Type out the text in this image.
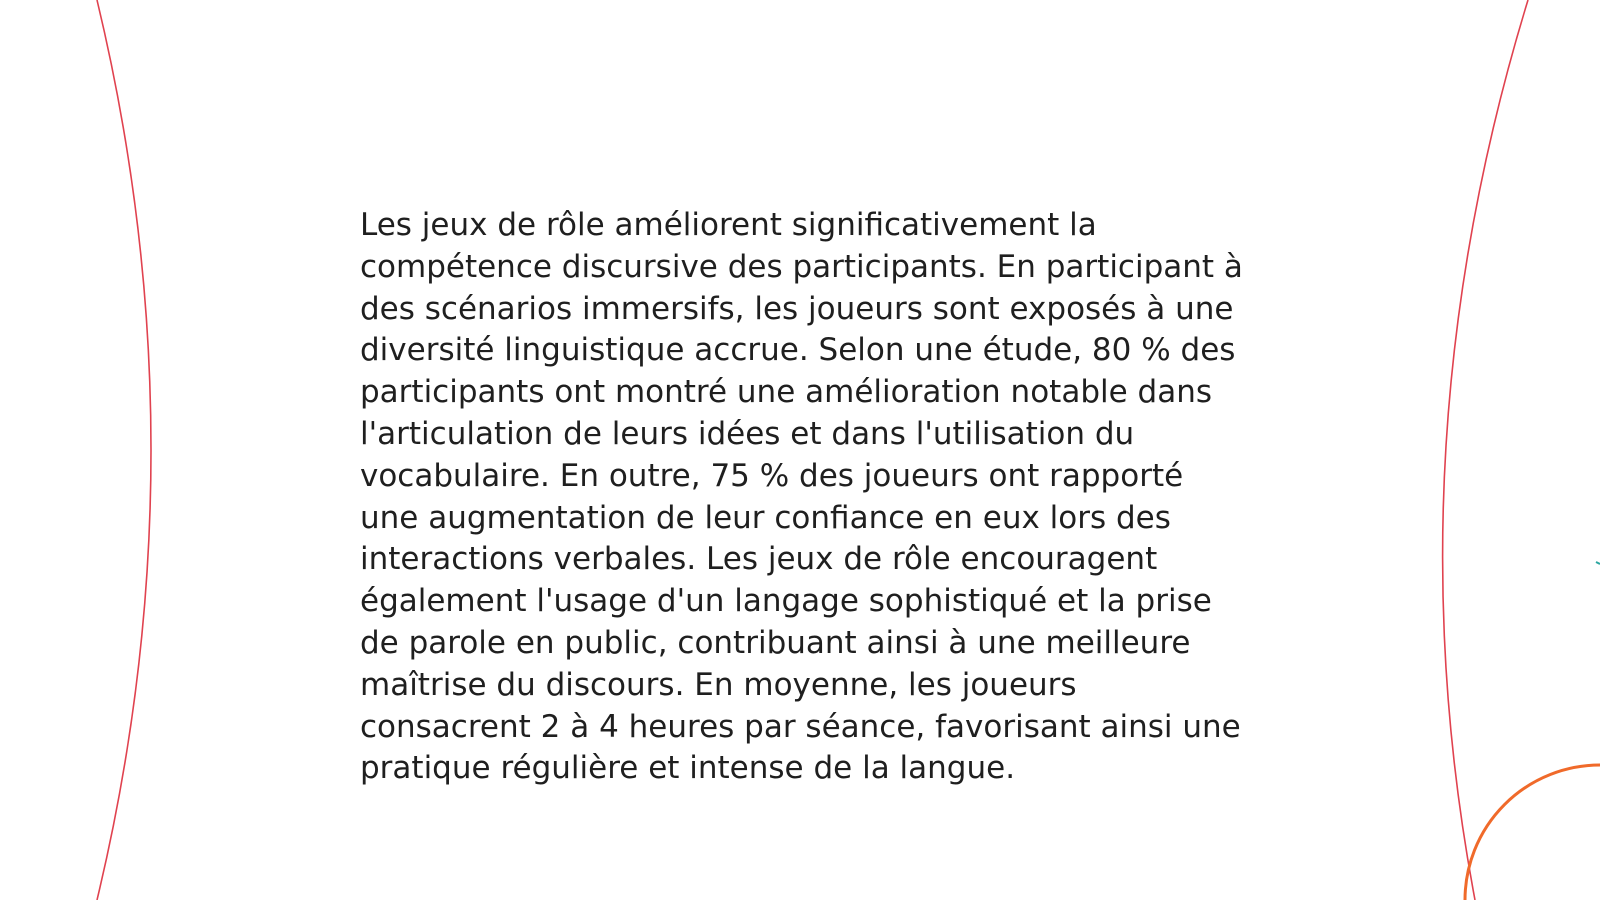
Les jeux de rôle améliorent significativement la compétence discursive des participants. En participant à des scénarios immersifs, les joueurs sont exposés à une diversité linguistique accrue. Selon une étude, 80 % des participants ont montré une amélioration notable dans l'articulation de leurs idées et dans l'utilisation du vocabulaire. En outre, 75 % des joueurs ont rapporté une augmentation de leur confiance en eux lors des interactions verbales. Les jeux de rôle encouragent également l'usage d'un langage sophistiqué et la prise de parole en public, contribuant ainsi à une meilleure maîtrise du discours. En moyenne, les joueurs consacrent 2 à 4 heures par séance, favorisant ainsi une pratique régulière et intense de la langue.
